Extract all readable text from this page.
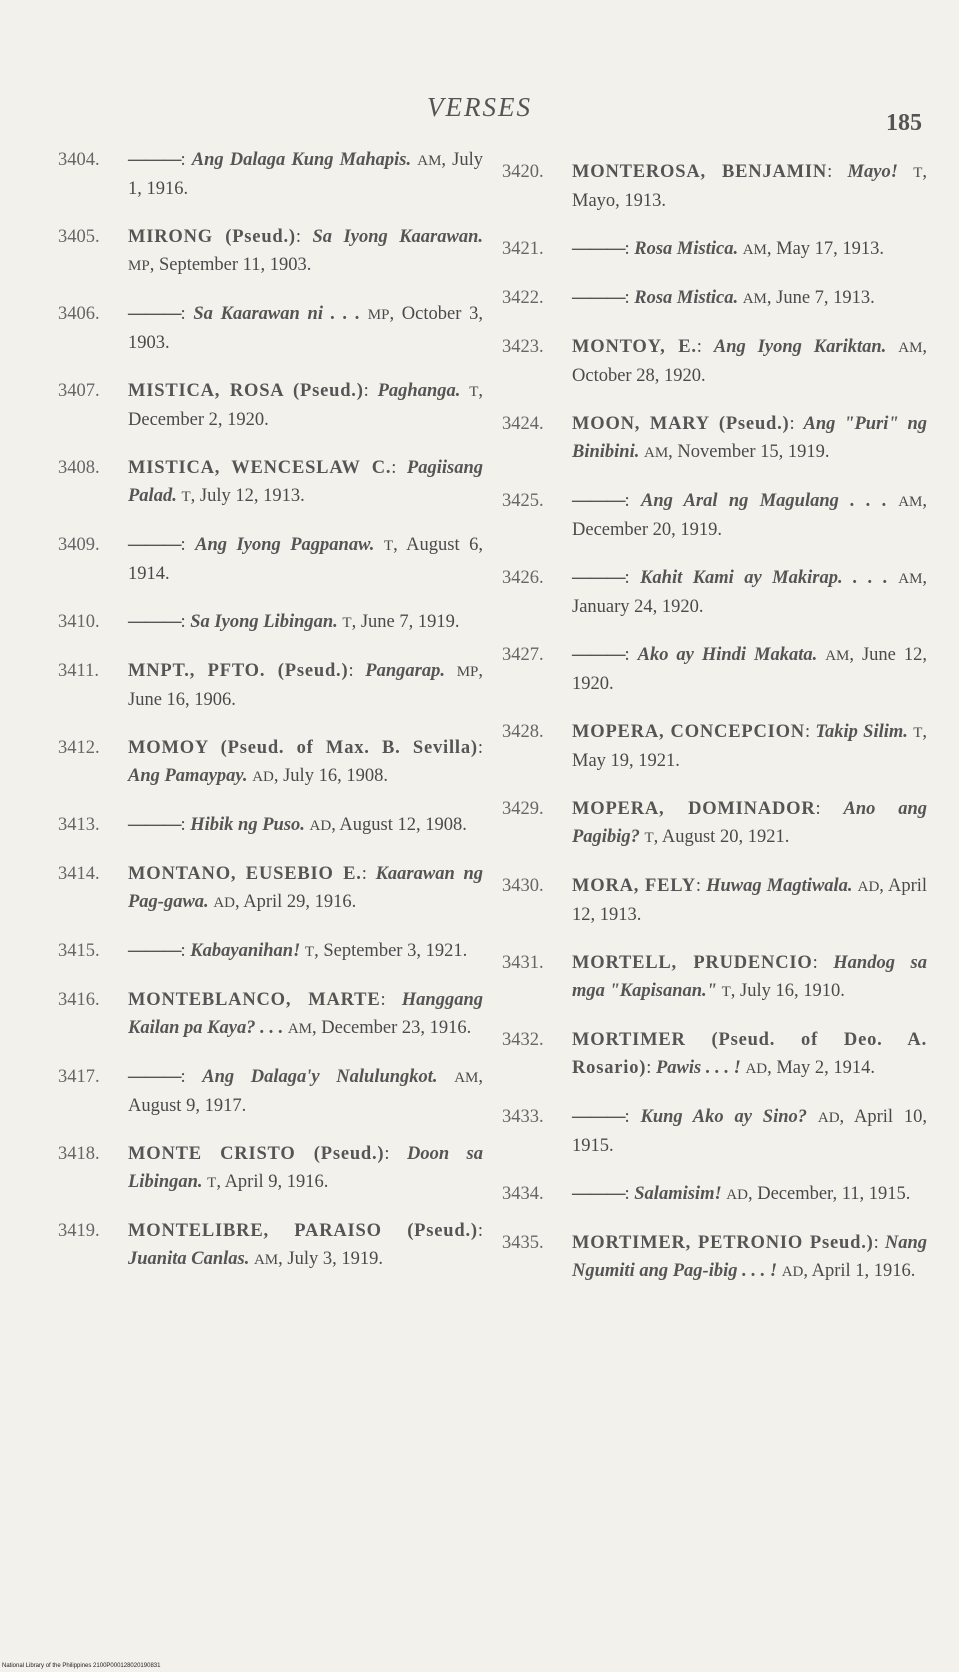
VERSES
185
3404. ———: Ang Dalaga Kung Mahapis. AM, July 1, 1916.
3405. MIRONG (Pseud.): Sa Iyong Kaarawan. MP, September 11, 1903.
3406. ———: Sa Kaarawan ni . . . MP, October 3, 1903.
3407. MISTICA, ROSA (Pseud.): Paghanga. T, December 2, 1920.
3408. MISTICA, WENCESLAW C.: Pagiisang Palad. T, July 12, 1913.
3409. ———: Ang Iyong Pagpanaw. T, August 6, 1914.
3410. ———: Sa Iyong Libingan. T, June 7, 1919.
3411. MNPT., PFTO. (Pseud.): Pangarap. MP, June 16, 1906.
3412. MOMOY (Pseud. of Max. B. Sevilla): Ang Pamaypay. AD, July 16, 1908.
3413. ———: Hibik ng Puso. AD, August 12, 1908.
3414. MONTANO, EUSEBIO E.: Kaarawan ng Pag-gawa. AD, April 29, 1916.
3415. ———: Kabayanihan! T, September 3, 1921.
3416. MONTEBLANCO, MARTE: Hanggang Kailan pa Kaya? . . . AM, December 23, 1916.
3417. ———: Ang Dalaga'y Nalulungkot. AM, August 9, 1917.
3418. MONTE CRISTO (Pseud.): Doon sa Libingan. T, April 9, 1916.
3419. MONTELIBRE, PARAISO (Pseud.): Juanita Canlas. AM, July 3, 1919.
3420. MONTEROSA, BENJAMIN: Mayo! T, Mayo, 1913.
3421. ———: Rosa Mistica. AM, May 17, 1913.
3422. ———: Rosa Mistica. AM, June 7, 1913.
3423. MONTOY, E.: Ang Iyong Kariktan. AM, October 28, 1920.
3424. MOON, MARY (Pseud.): Ang "Puri" ng Binibini. AM, November 15, 1919.
3425. ———: Ang Aral ng Magulang . . . AM, December 20, 1919.
3426. ———: Kahit Kami ay Makirap. . . . AM, January 24, 1920.
3427. ———: Ako ay Hindi Makata. AM, June 12, 1920.
3428. MOPERA, CONCEPCION: Takip Silim. T, May 19, 1921.
3429. MOPERA, DOMINADOR: Ano ang Pagibig? T, August 20, 1921.
3430. MORA, FELY: Huwag Magtiwala. AD, April 12, 1913.
3431. MORTELL, PRUDENCIO: Handog sa mga "Kapisanan." T, July 16, 1910.
3432. MORTIMER (Pseud. of Deo. A. Rosario): Pawis . . . ! AD, May 2, 1914.
3433. ———: Kung Ako ay Sino? AD, April 10, 1915.
3434. ———: Salamisim! AD, December, 11, 1915.
3435. MORTIMER, PETRONIO Pseud.): Nang Ngumiti ang Pag-ibig . . . ! AD, April 1, 1916.
National Library of the Philippines 2100P000128020190831
